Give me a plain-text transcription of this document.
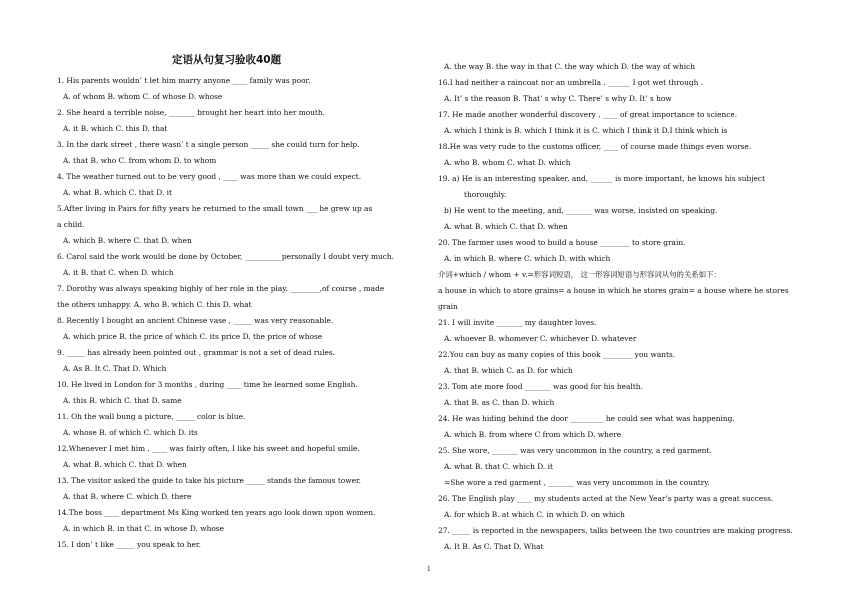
定语从句复习验收40题
1. His parents wouldn’ t let him marry anyone ____ family was poor.
A. of whom B. whom C. of whose D. whose
2. She heard a terrible noise, _______ brought her heart into her mouth.
A. it B. which C. this D. that
3. In the dark street , there wasn’ t a single person _____ she could turn for help.
A. that B. who C. from whom D. to whom
4. The weather turned out to be very good , ____ was more than we could expect.
A. what B. which C. that D. it
5.After living in Pairs for fifty years he returned to the small town ___ he grew up as
a child.
A. which B. where C. that D. when
6. Carol said the work would be done by October, __________personally I doubt very much.
A. it B. that C. when D. which
7. Dorothy was always speaking highly of her role in the play, ________,of course , made
the others unhappy. A. who B. which C. this D. what
8. Recently I bought an ancient Chinese vase , _____ was very reasonable.
A. which price B. the price of which C. its price D. the price of whose
9. _____ has already been pointed out , grammar is not a set of dead rules.
A. As B. It C. That D. Which
10. He lived in London for 3 months , during ____ time he learned some English.
A. this B. which C. that D. same
11. Oh the wall bung a picture, _____ color is blue.
A. whose B. of which C. which D. its
12.Whenever I met him , ____ was fairly often, I like his sweet and hopeful smile.
A. what B. which C. that D. when
13. The visitor asked the guide to take his picture _____ stands the famous tower.
A. that B. where C. which D. there
14.The boss ____ department Ms King worked ten years ago look down upon women.
A. in which B. in that C. in whose D. whose
15. I don’ t like _____ you speak to her.
A. the way B. the way in that C. the way which D. the way of which
16.I had neither a raincoat nor an umbrella . ______ I got wet through .
A. It’ s the reason B. That’ s why C. There’ s why D. It’ s how
17. He made another wonderful discovery , ____ of great importance to science.
A. which I think is B. which I think it is C. which I think it D.I think which is
18.He was very rude to the customs officer, ____ of course made things even worse.
A. who B. whom C. what D. which
19. a) He is an interesting speaker, and, ______ is more important, he knows his subject
thoroughly.
b) He went to the meeting, and, _______ was worse, insisted on speaking.
A. what B. which C. that D. when
20. The farmer uses wood to build a house ________ to store grain.
A. in which B. where C. which D. with which
介词+which / whom + v.=形容词短语， 这一形容词短语与形容词从句的关系如下：
a house in which to store grains= a house in which he stores grain= a house where he stores
grain
21. I will invite _______ my daughter loves.
A. whoever B. whomever C. whichever D. whatever
22.You can buy as many copies of this book ________ you wants.
A. that B. which C. as D. for which
23. Tom ate more food _______ was good for his health.
A. that B. as C. than D. which
24. He was hiding behind the door _________ he could see what was happening.
A. which B. from where C from which D. where
25. She wore, _______ was very uncommon in the country, a red garment.
A. what B. that C. which D. it
=She wore a red garment , _______ was very uncommon in the country.
26. The English play ____ my students acted at the New Year’s party was a great success.
A. for which B. at which C. in which D. on which
27. _____ is reported in the newspapers, talks between the two countries are making progress.
A. It B. As C. That D. What
1
